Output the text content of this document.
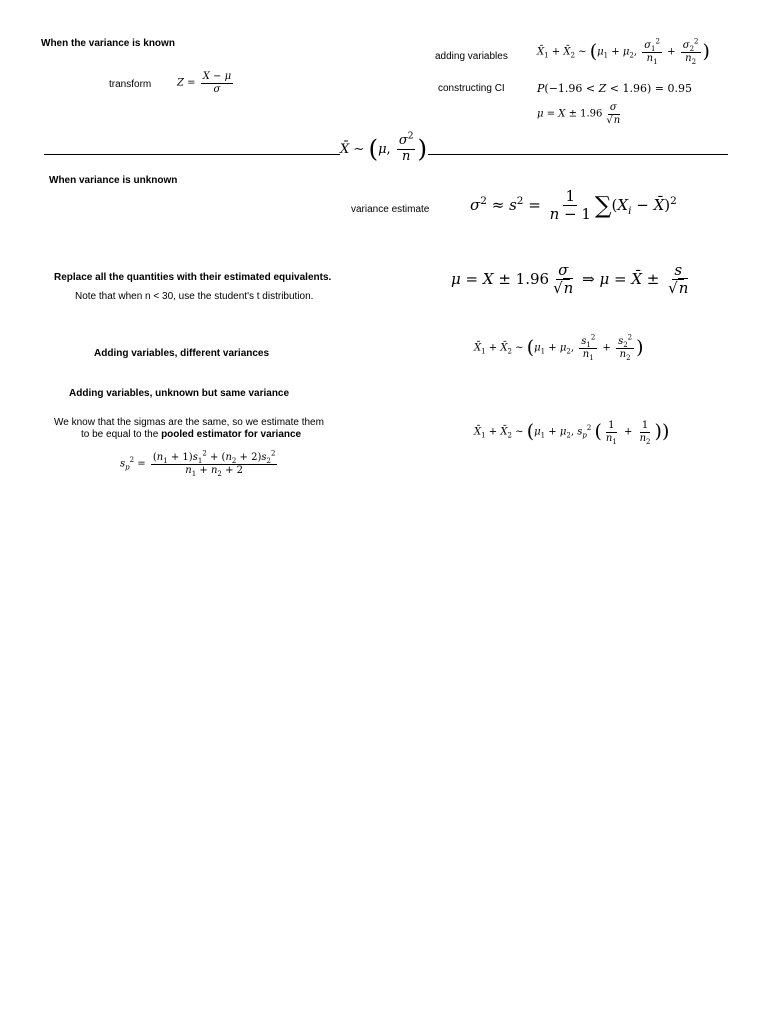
When the variance is known
transform	$Z = \frac{X - \mu}{\sigma}$
adding variables	$X̄_1$ + $X̄_2$ ∼ ($\mu_1 + \mu_2$, $\frac{\sigma_1^2}{n_1} + \frac{\sigma_2^2}{n_2}$ )
constructing CI	P(−1.96 < Z < 1.96) = 0.95
$\mu = X \pm 1.96 \frac{\sigma}{√n}$
X̄ ∼ (μ, $\frac{\sigma^2}{n}$ )
When variance is unknown
variance estimate	$\sigma^2 \approx s^2 = \frac{1}{n - 1} \sum(X_i$ − X̄)$^2$
Replace all the quantities with their estimated equivalents.
Note that when n < 30, use the student's t distribution.
$\mu = X \pm 1.96 \frac{\sigma}{√n}$ ⇒ μ = X̄ ± $\frac{s}{√n}$
Adding variables, different variances	$X̄_1$ + $X̄_2$ ∼ ($\mu_1 + \mu_2$, $\frac{s_1^2}{n_1} + \frac{s_2^2}{n_2}$ )
Adding variables, unknown but same variance
We know that the sigmas are the same, so we estimate them
to be equal to the pooled estimator for variance	$X̄_1$ + $X̄_2$ ∼ ($\mu_1 + \mu_2$, $s_p^2$ ( $\frac{1}{n_1} + \frac{1}{n_2}$ ))
$s_p^2 = \frac{(n_1 + 1)s_1^2 + (n_2 + 2)s_2^2}{n_1 + n_2 + 2}$
